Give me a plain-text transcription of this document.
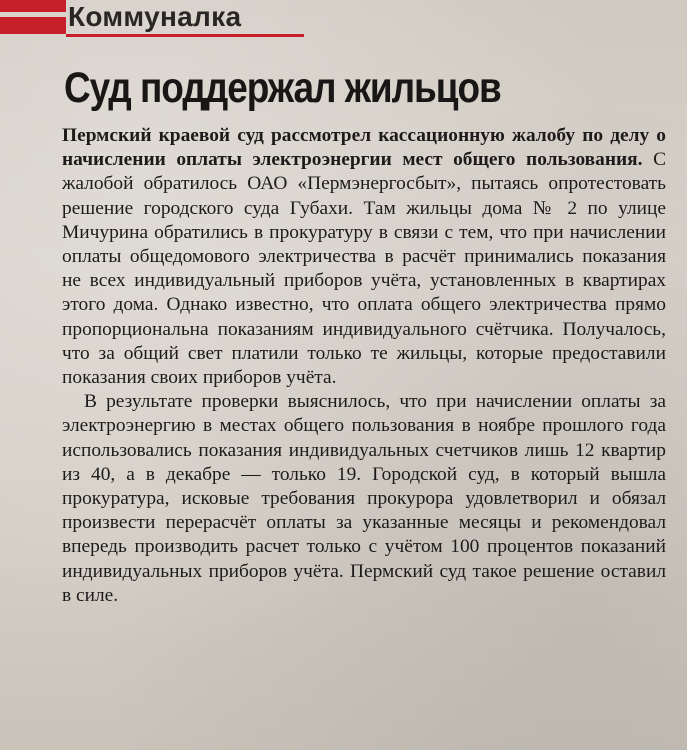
Коммуналка
Суд поддержал жильцов

Пермский краевой суд рассмотрел кассационную жалобу по делу о начислении оплаты электроэнергии мест общего пользования. С жалобой обратилось ОАО «Пермэнергосбыт», пытаясь опротестовать решение городского суда Губахи. Там жильцы дома № 2 по улице Мичурина обратились в прокуратуру в связи с тем, что при начислении оплаты общедомового электричества в расчёт принимались показания не всех индивидуальный приборов учёта, установленных в квартирах этого дома. Однако известно, что оплата общего электричества прямо пропорциональна показаниям индивидуального счётчика. Получалось, что за общий свет платили только те жильцы, которые предоставили показания своих приборов учёта.

В результате проверки выяснилось, что при начислении оплаты за электроэнергию в местах общего пользования в ноябре прошлого года использовались показания индивидуальных счетчиков лишь 12 квартир из 40, а в декабре — только 19. Городской суд, в который вышла прокуратура, исковые требования прокурора удовлетворил и обязал произвести перерасчёт оплаты за указанные месяцы и рекомендовал впередь производить расчет только с учётом 100 процентов показаний индивидуальных приборов учёта. Пермский суд такое решение оставил в силе.
